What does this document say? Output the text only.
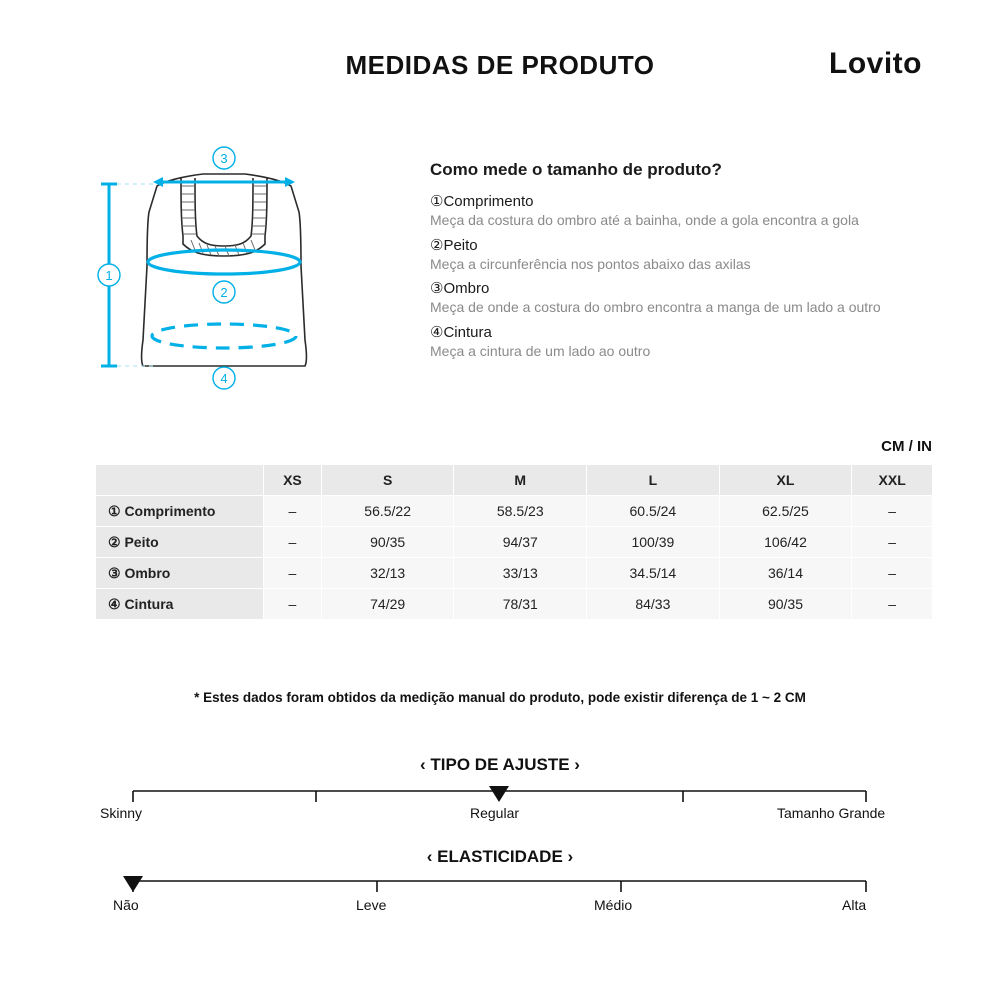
MEDIDAS DE PRODUTO	Lovito
1
3
2
4
Como mede o tamanho de produto?
①Comprimento
Meça da costura do ombro até a bainha, onde a gola encontra a gola
②Peito
Meça a circunferência nos pontos abaixo das axilas
③Ombro
Meça de onde a costura do ombro encontra a manga de um lado a outro
④Cintura
Meça a cintura de um lado ao outro
CM / IN
	XS	S	M	L	XL	XXL
① Comprimento	–	56.5/22	58.5/23	60.5/24	62.5/25	–
② Peito	–	90/35	94/37	100/39	106/42	–
③ Ombro	–	32/13	33/13	34.5/14	36/14	–
④ Cintura	–	74/29	78/31	84/33	90/35	–
* Estes dados foram obtidos da medição manual do produto, pode existir diferença de 1 ~ 2 CM
‹ TIPO DE AJUSTE ›
Skinny	Regular	Tamanho Grande
‹ ELASTICIDADE ›
Não	Leve	Médio	Alta
